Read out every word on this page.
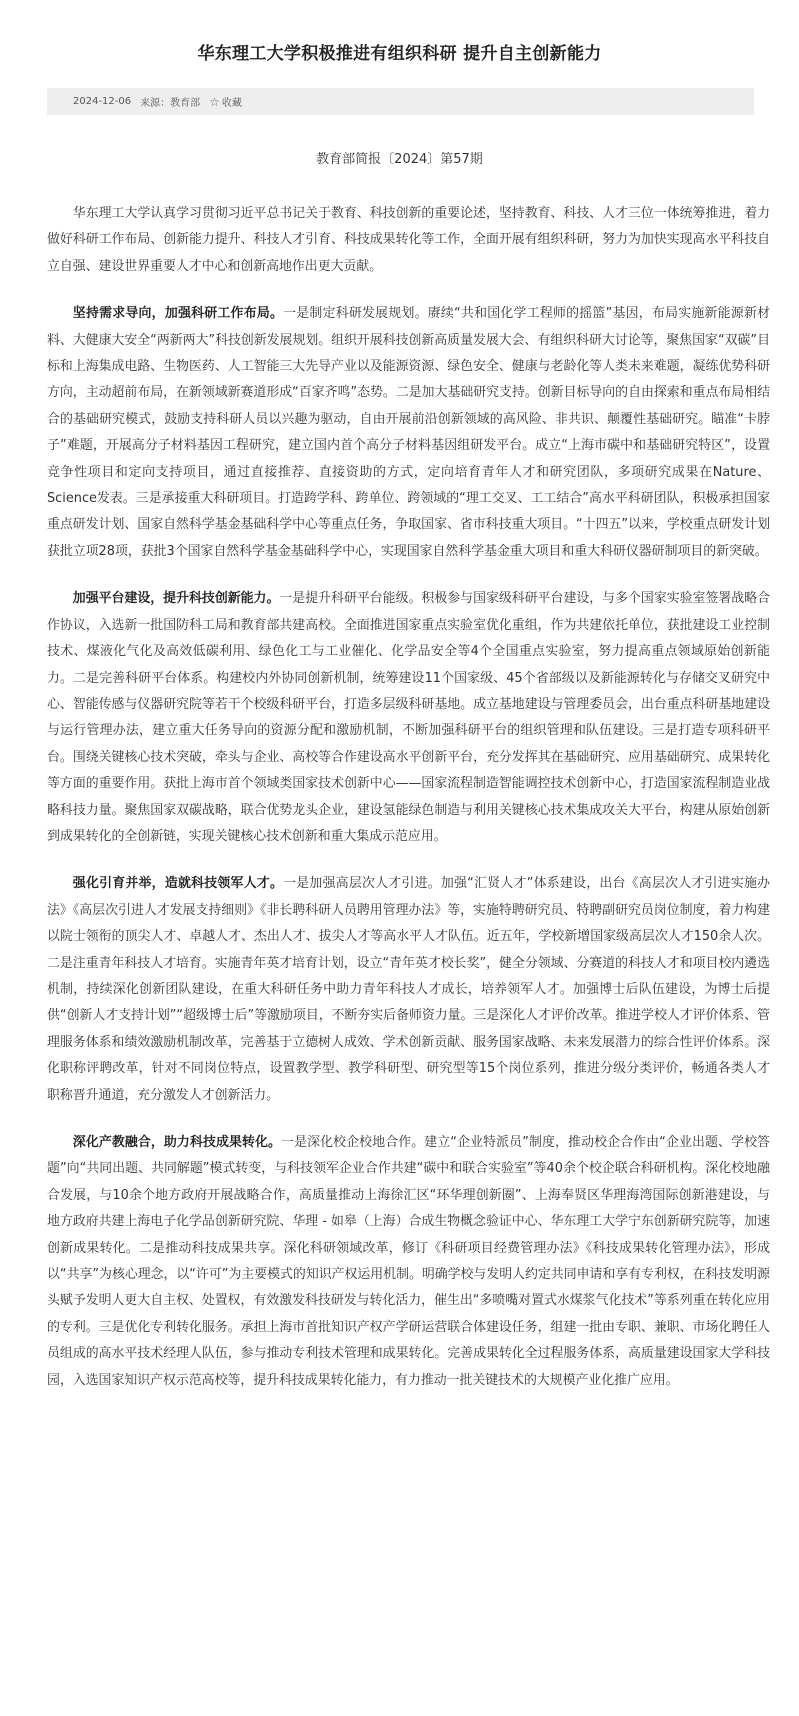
华东理工大学积极推进有组织科研 提升自主创新能力
2024-12-06 来源：教育部 ☆ 收藏

教育部简报〔2024〕第57期

华东理工大学认真学习贯彻习近平总书记关于教育、科技创新的重要论述，坚持教育、科技、人才三位一体统筹推进，着力做好科研工作布局、创新能力提升、科技人才引育、科技成果转化等工作，全面开展有组织科研，努力为加快实现高水平科技自立自强、建设世界重要人才中心和创新高地作出更大贡献。

坚持需求导向，加强科研工作布局。一是制定科研发展规划。赓续“共和国化学工程师的摇篮”基因，布局实施新能源新材料、大健康大安全“两新两大”科技创新发展规划。组织开展科技创新高质量发展大会、有组织科研大讨论等，聚焦国家“双碳”目标和上海集成电路、生物医药、人工智能三大先导产业以及能源资源、绿色安全、健康与老龄化等人类未来难题，凝练优势科研方向，主动超前布局，在新领域新赛道形成“百家齐鸣”态势。二是加大基础研究支持。创新目标导向的自由探索和重点布局相结合的基础研究模式，鼓励支持科研人员以兴趣为驱动，自由开展前沿创新领域的高风险、非共识、颠覆性基础研究。瞄准“卡脖子”难题，开展高分子材料基因工程研究，建立国内首个高分子材料基因组研发平台。成立“上海市碳中和基础研究特区”，设置竞争性项目和定向支持项目，通过直接推荐、直接资助的方式，定向培育青年人才和研究团队，多项研究成果在Nature、Science发表。三是承接重大科研项目。打造跨学科、跨单位、跨领域的“理工交叉、工工结合”高水平科研团队，积极承担国家重点研发计划、国家自然科学基金基础科学中心等重点任务，争取国家、省市科技重大项目。“十四五”以来，学校重点研发计划获批立项28项，获批3个国家自然科学基金基础科学中心，实现国家自然科学基金重大项目和重大科研仪器研制项目的新突破。

加强平台建设，提升科技创新能力。一是提升科研平台能级。积极参与国家级科研平台建设，与多个国家实验室签署战略合作协议，入选新一批国防科工局和教育部共建高校。全面推进国家重点实验室优化重组，作为共建依托单位，获批建设工业控制技术、煤液化气化及高效低碳利用、绿色化工与工业催化、化学品安全等4个全国重点实验室，努力提高重点领域原始创新能力。二是完善科研平台体系。构建校内外协同创新机制，统筹建设11个国家级、45个省部级以及新能源转化与存储交叉研究中心、智能传感与仪器研究院等若干个校级科研平台，打造多层级科研基地。成立基地建设与管理委员会，出台重点科研基地建设与运行管理办法，建立重大任务导向的资源分配和激励机制，不断加强科研平台的组织管理和队伍建设。三是打造专项科研平台。围绕关键核心技术突破，牵头与企业、高校等合作建设高水平创新平台，充分发挥其在基础研究、应用基础研究、成果转化等方面的重要作用。获批上海市首个领域类国家技术创新中心——国家流程制造智能调控技术创新中心，打造国家流程制造业战略科技力量。聚焦国家双碳战略，联合优势龙头企业，建设氢能绿色制造与利用关键核心技术集成攻关大平台，构建从原始创新到成果转化的全创新链，实现关键核心技术创新和重大集成示范应用。

强化引育并举，造就科技领军人才。一是加强高层次人才引进。加强“汇贤人才”体系建设，出台《高层次人才引进实施办法》《高层次引进人才发展支持细则》《非长聘科研人员聘用管理办法》等，实施特聘研究员、特聘副研究员岗位制度，着力构建以院士领衔的顶尖人才、卓越人才、杰出人才、拔尖人才等高水平人才队伍。近五年，学校新增国家级高层次人才150余人次。二是注重青年科技人才培育。实施青年英才培育计划，设立“青年英才校长奖”，健全分领域、分赛道的科技人才和项目校内遴选机制，持续深化创新团队建设，在重大科研任务中助力青年科技人才成长，培养领军人才。加强博士后队伍建设，为博士后提供“创新人才支持计划”“超级博士后”等激励项目，不断夯实后备师资力量。三是深化人才评价改革。推进学校人才评价体系、管理服务体系和绩效激励机制改革，完善基于立德树人成效、学术创新贡献、服务国家战略、未来发展潜力的综合性评价体系。深化职称评聘改革，针对不同岗位特点，设置教学型、教学科研型、研究型等15个岗位系列，推进分级分类评价，畅通各类人才职称晋升通道，充分激发人才创新活力。

深化产教融合，助力科技成果转化。一是深化校企校地合作。建立“企业特派员”制度，推动校企合作由“企业出题、学校答题”向“共同出题、共同解题”模式转变，与科技领军企业合作共建“碳中和联合实验室”等40余个校企联合科研机构。深化校地融合发展，与10余个地方政府开展战略合作，高质量推动上海徐汇区“环华理创新圈”、上海奉贤区华理海湾国际创新港建设，与地方政府共建上海电子化学品创新研究院、华理 - 如皋（上海）合成生物概念验证中心、华东理工大学宁东创新研究院等，加速创新成果转化。二是推动科技成果共享。深化科研领域改革，修订《科研项目经费管理办法》《科技成果转化管理办法》，形成以“共享”为核心理念，以“许可”为主要模式的知识产权运用机制。明确学校与发明人约定共同申请和享有专利权，在科技发明源头赋予发明人更大自主权、处置权，有效激发科技研发与转化活力，催生出“多喷嘴对置式水煤浆气化技术”等系列重在转化应用的专利。三是优化专利转化服务。承担上海市首批知识产权产学研运营联合体建设任务，组建一批由专职、兼职、市场化聘任人员组成的高水平技术经理人队伍，参与推动专利技术管理和成果转化。完善成果转化全过程服务体系，高质量建设国家大学科技园，入选国家知识产权示范高校等，提升科技成果转化能力，有力推动一批关键技术的大规模产业化推广应用。
